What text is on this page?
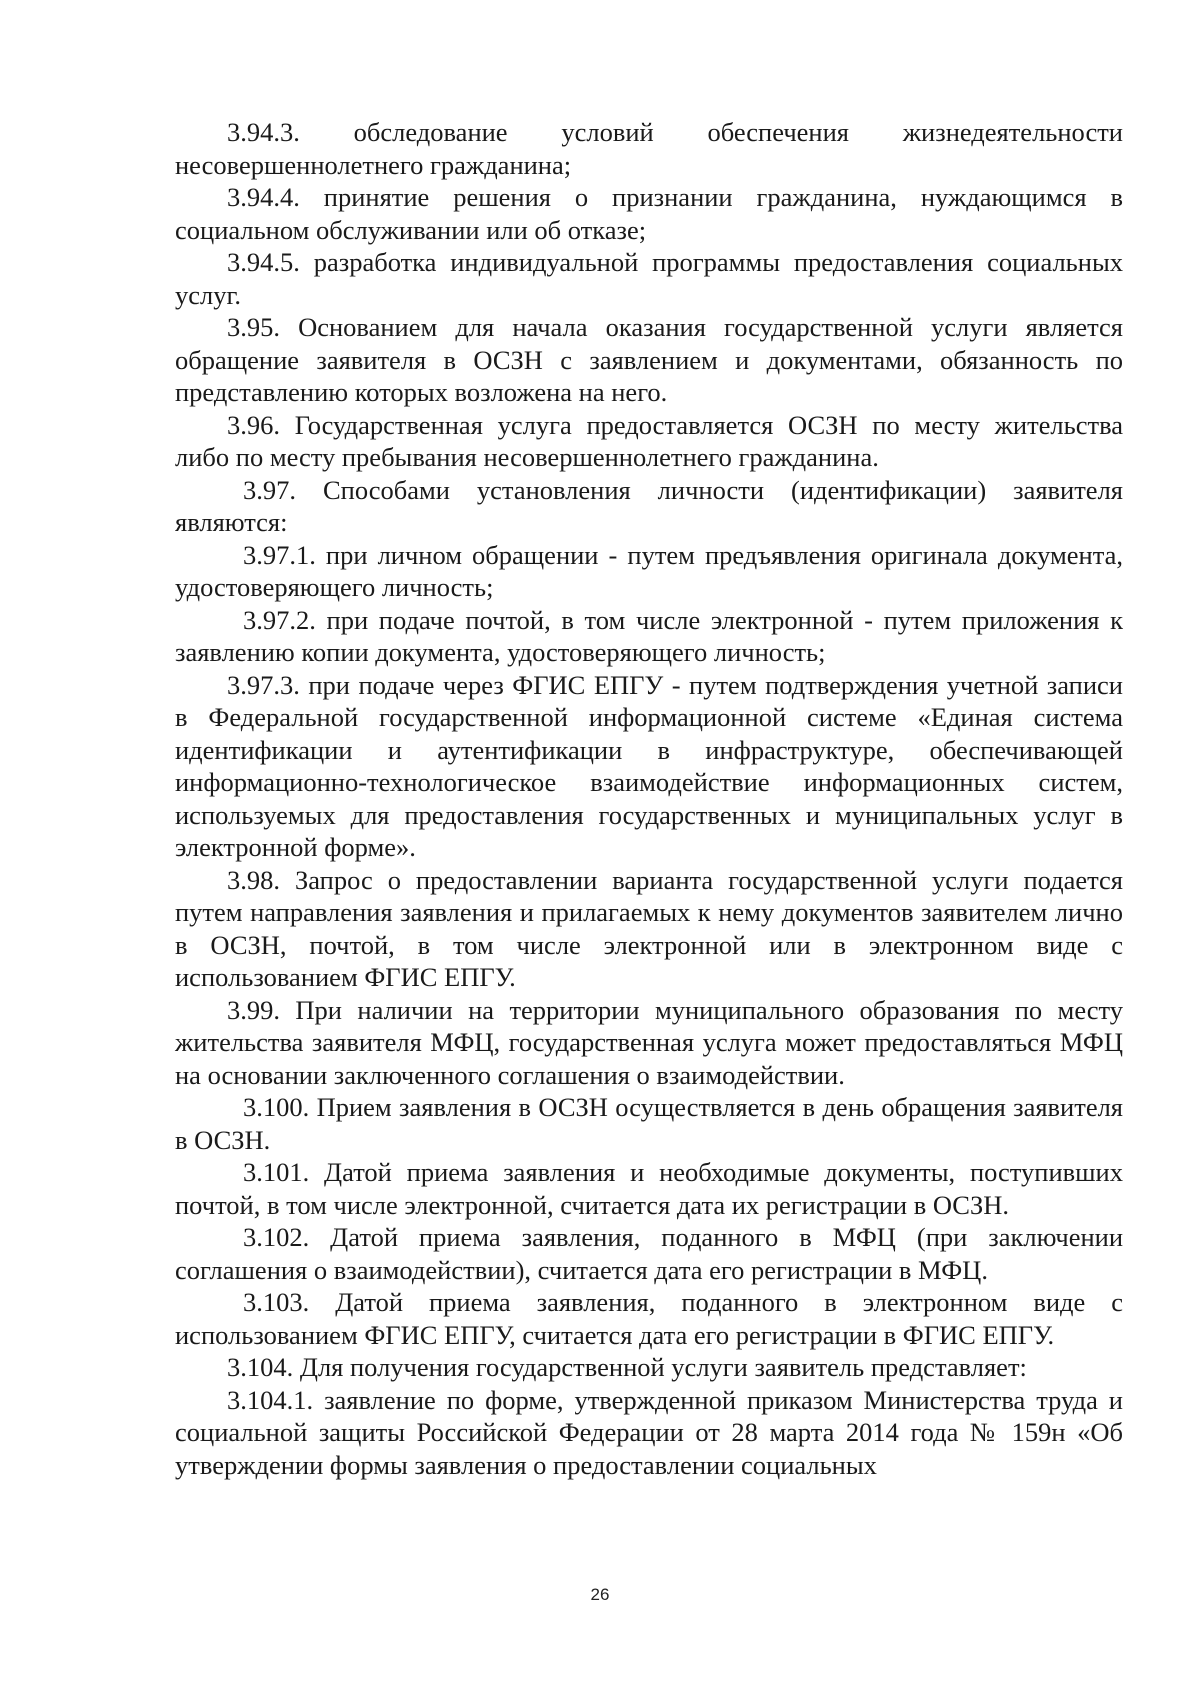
3.94.3. обследование условий обеспечения жизнедеятельности несовершеннолетнего гражданина;

3.94.4. принятие решения о признании гражданина, нуждающимся в социальном обслуживании или об отказе;

3.94.5. разработка индивидуальной программы предоставления социальных услуг.

3.95. Основанием для начала оказания государственной услуги является обращение заявителя в ОСЗН с заявлением и документами, обязанность по представлению которых возложена на него.

3.96. Государственная услуга предоставляется ОСЗН по месту жительства либо по месту пребывания несовершеннолетнего гражданина.

3.97. Способами установления личности (идентификации) заявителя являются:

3.97.1. при личном обращении - путем предъявления оригинала документа, удостоверяющего личность;

3.97.2. при подаче почтой, в том числе электронной - путем приложения к заявлению копии документа, удостоверяющего личность;

3.97.3. при подаче через ФГИС ЕПГУ - путем подтверждения учетной записи в Федеральной государственной информационной системе «Единая система идентификации и аутентификации в инфраструктуре, обеспечивающей информационно-технологическое взаимодействие информационных систем, используемых для предоставления государственных и муниципальных услуг в электронной форме».

3.98. Запрос о предоставлении варианта государственной услуги подается путем направления заявления и прилагаемых к нему документов заявителем лично в ОСЗН, почтой, в том числе электронной или в электронном виде с использованием ФГИС ЕПГУ.

3.99. При наличии на территории муниципального образования по месту жительства заявителя МФЦ, государственная услуга может предоставляться МФЦ на основании заключенного соглашения о взаимодействии.

3.100. Прием заявления в ОСЗН осуществляется в день обращения заявителя в ОСЗН.

3.101. Датой приема заявления и необходимые документы, поступивших почтой, в том числе электронной, считается дата их регистрации в ОСЗН.

3.102. Датой приема заявления, поданного в МФЦ (при заключении соглашения о взаимодействии), считается дата его регистрации в МФЦ.

3.103. Датой приема заявления, поданного в электронном виде с использованием ФГИС ЕПГУ, считается дата его регистрации в ФГИС ЕПГУ.

3.104. Для получения государственной услуги заявитель представляет:

3.104.1. заявление по форме, утвержденной приказом Министерства труда и социальной защиты Российской Федерации от 28 марта 2014 года № 159н «Об утверждении формы заявления о предоставлении социальных

26
